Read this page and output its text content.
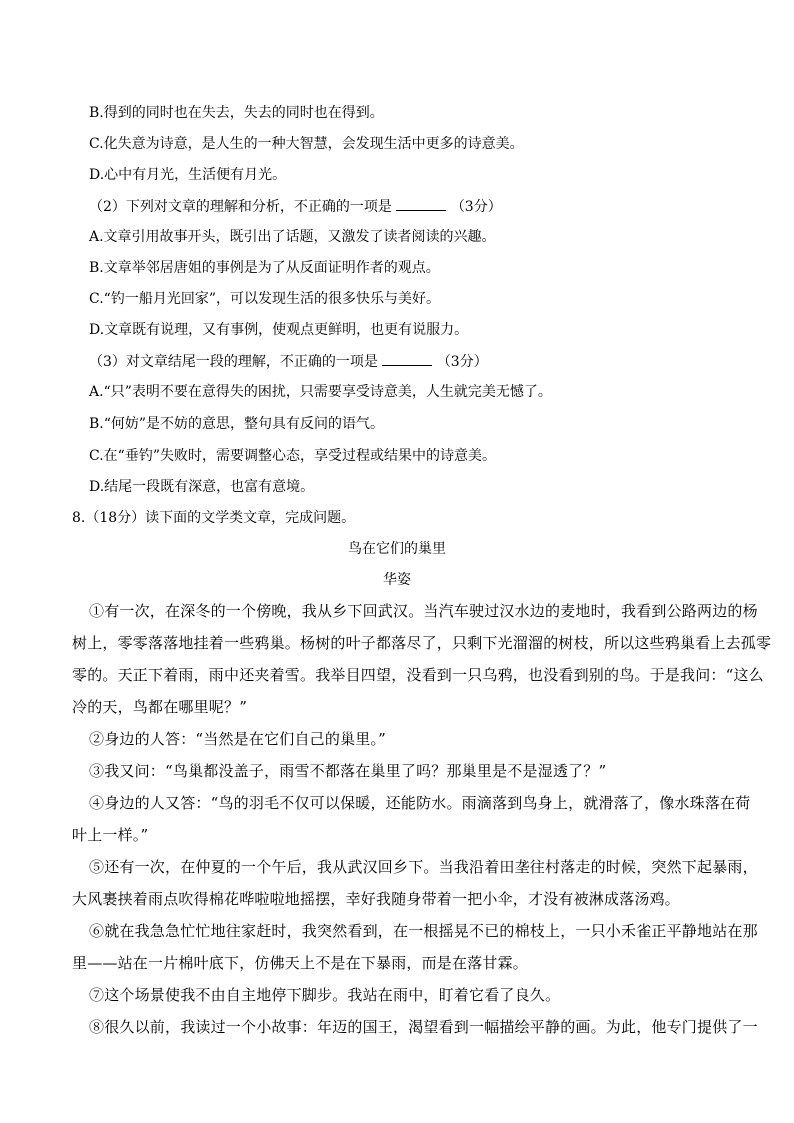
B.得到的同时也在失去，失去的同时也在得到。
C.化失意为诗意，是人生的一种大智慧，会发现生活中更多的诗意美。
D.心中有月光，生活便有月光。
（2）下列对文章的理解和分析，不正确的一项是	（3分）
A.文章引用故事开头，既引出了话题，又激发了读者阅读的兴趣。
B.文章举邻居唐姐的事例是为了从反面证明作者的观点。
C.“钓一船月光回家”，可以发现生活的很多快乐与美好。
D.文章既有说理，又有事例，使观点更鲜明，也更有说服力。
（3）对文章结尾一段的理解，不正确的一项是	（3分）
A.“只”表明不要在意得失的困扰，只需要享受诗意美，人生就完美无憾了。
B.“何妨”是不妨的意思，整句具有反问的语气。
C.在“垂钓”失败时，需要调整心态，享受过程或结果中的诗意美。
D.结尾一段既有深意，也富有意境。
8.（18分）读下面的文学类文章，完成问题。
鸟在它们的巢里
华姿
①有一次，在深冬的一个傍晚，我从乡下回武汉。当汽车驶过汉水边的麦地时，我看到公路两边的杨
树上，零零落落地挂着一些鸦巢。杨树的叶子都落尽了，只剩下光溜溜的树枝，所以这些鸦巢看上去孤零
零的。天正下着雨，雨中还夹着雪。我举目四望，没看到一只乌鸦，也没看到别的鸟。于是我问：“这么
冷的天，鸟都在哪里呢？”
②身边的人答：“当然是在它们自己的巢里。”
③我又问：“鸟巢都没盖子，雨雪不都落在巢里了吗？那巢里是不是湿透了？”
④身边的人又答：“鸟的羽毛不仅可以保暖，还能防水。雨滴落到鸟身上，就滑落了，像水珠落在荷
叶上一样。”
⑤还有一次，在仲夏的一个午后，我从武汉回乡下。当我沿着田垄往村落走的时候，突然下起暴雨，
大风裹挟着雨点吹得棉花哗啦啦地摇摆，幸好我随身带着一把小伞，才没有被淋成落汤鸡。
⑥就在我急急忙忙地往家赶时，我突然看到，在一根摇晃不已的棉枝上，一只小禾雀正平静地站在那
里——站在一片棉叶底下，仿佛天上不是在下暴雨，而是在落甘霖。
⑦这个场景使我不由自主地停下脚步。我站在雨中，盯着它看了良久。
⑧很久以前，我读过一个小故事：年迈的国王，渴望看到一幅描绘平静的画。为此，他专门提供了一
